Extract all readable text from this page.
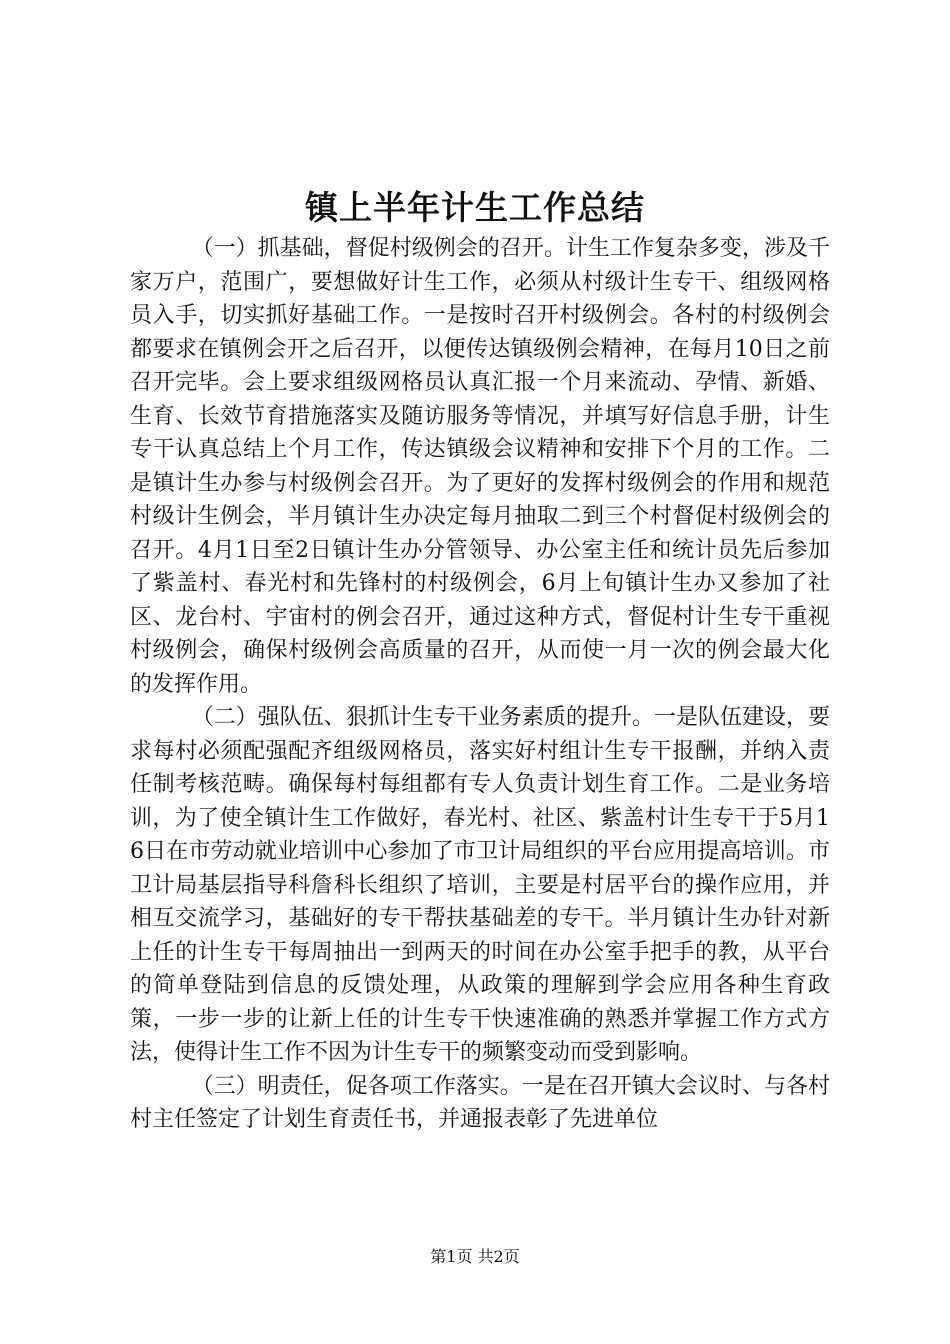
镇上半年计生工作总结

（一）抓基础，督促村级例会的召开。计生工作复杂多变，涉及千家万户，范围广，要想做好计生工作，必须从村级计生专干、组级网格员入手，切实抓好基础工作。一是按时召开村级例会。各村的村级例会都要求在镇例会开之后召开，以便传达镇级例会精神，在每月10日之前召开完毕。会上要求组级网格员认真汇报一个月来流动、孕情、新婚、生育、长效节育措施落实及随访服务等情况，并填写好信息手册，计生专干认真总结上个月工作，传达镇级会议精神和安排下个月的工作。二是镇计生办参与村级例会召开。为了更好的发挥村级例会的作用和规范村级计生例会，半月镇计生办决定每月抽取二到三个村督促村级例会的召开。4月1日至2日镇计生办分管领导、办公室主任和统计员先后参加了紫盖村、春光村和先锋村的村级例会，6月上旬镇计生办又参加了社区、龙台村、宇宙村的例会召开，通过这种方式，督促村计生专干重视村级例会，确保村级例会高质量的召开，从而使一月一次的例会最大化的发挥作用。

（二）强队伍、狠抓计生专干业务素质的提升。一是队伍建设，要求每村必须配强配齐组级网格员，落实好村组计生专干报酬，并纳入责任制考核范畴。确保每村每组都有专人负责计划生育工作。二是业务培训，为了使全镇计生工作做好，春光村、社区、紫盖村计生专干于5月16日在市劳动就业培训中心参加了市卫计局组织的平台应用提高培训。市卫计局基层指导科詹科长组织了培训，主要是村居平台的操作应用，并相互交流学习，基础好的专干帮扶基础差的专干。半月镇计生办针对新上任的计生专干每周抽出一到两天的时间在办公室手把手的教，从平台的简单登陆到信息的反馈处理，从政策的理解到学会应用各种生育政策，一步一步的让新上任的计生专干快速准确的熟悉并掌握工作方式方法，使得计生工作不因为计生专干的频繁变动而受到影响。

（三）明责任，促各项工作落实。一是在召开镇大会议时、与各村村主任签定了计划生育责任书，并通报表彰了先进单位

第1页 共2页
